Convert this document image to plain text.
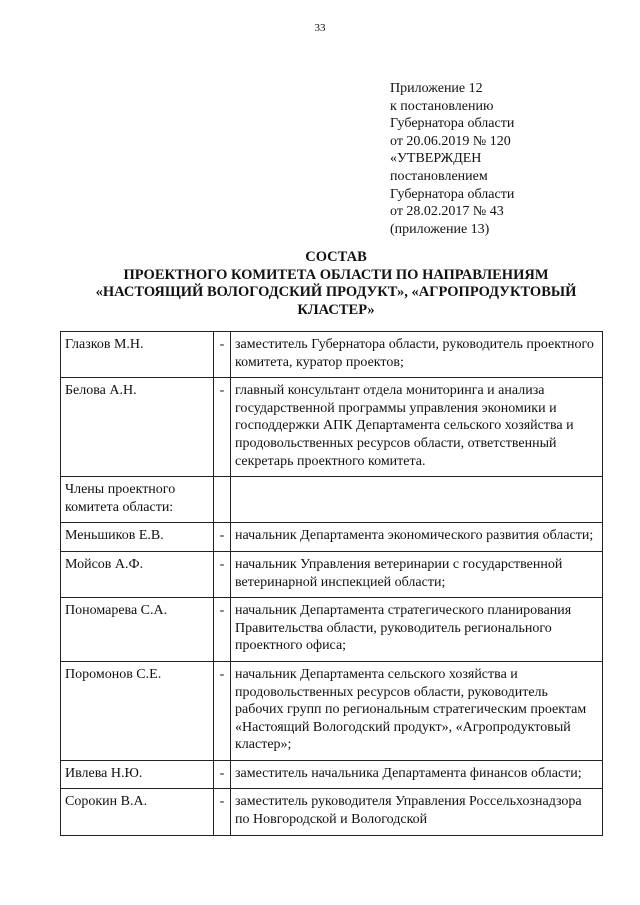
33
Приложение 12
к постановлению
Губернатора области
от 20.06.2019 № 120
«УТВЕРЖДЕН
постановлением
Губернатора области
от 28.02.2017 № 43
(приложение 13)
СОСТАВ
ПРОЕКТНОГО КОМИТЕТА ОБЛАСТИ ПО НАПРАВЛЕНИЯМ
«НАСТОЯЩИЙ ВОЛОГОДСКИЙ ПРОДУКТ», «АГРОПРОДУКТОВЫЙ
КЛАСТЕР»
Глазков М.Н.	-	заместитель Губернатора области, руководитель проектного комитета, куратор проектов;
Белова А.Н.	-	главный консультант отдела мониторинга и анализа государственной программы управления экономики и господдержки АПК Департамента сельского хозяйства и продовольственных ресурсов области, ответственный секретарь проектного комитета.
Члены проектного комитета области:		
Меньшиков Е.В.	-	начальник Департамента экономического развития области;
Мойсов А.Ф.	-	начальник Управления ветеринарии с государственной ветеринарной инспекцией области;
Пономарева С.А.	-	начальник Департамента стратегического планирования Правительства области, руководитель регионального проектного офиса;
Поромонов С.Е.	-	начальник Департамента сельского хозяйства и продовольственных ресурсов области, руководитель рабочих групп по региональным стратегическим проектам «Настоящий Вологодский продукт», «Агропродуктовый кластер»;
Ивлева Н.Ю.	-	заместитель начальника Департамента финансов области;
Сорокин В.А.	-	заместитель руководителя Управления Россельхознадзора по Новгородской и Вологодской
